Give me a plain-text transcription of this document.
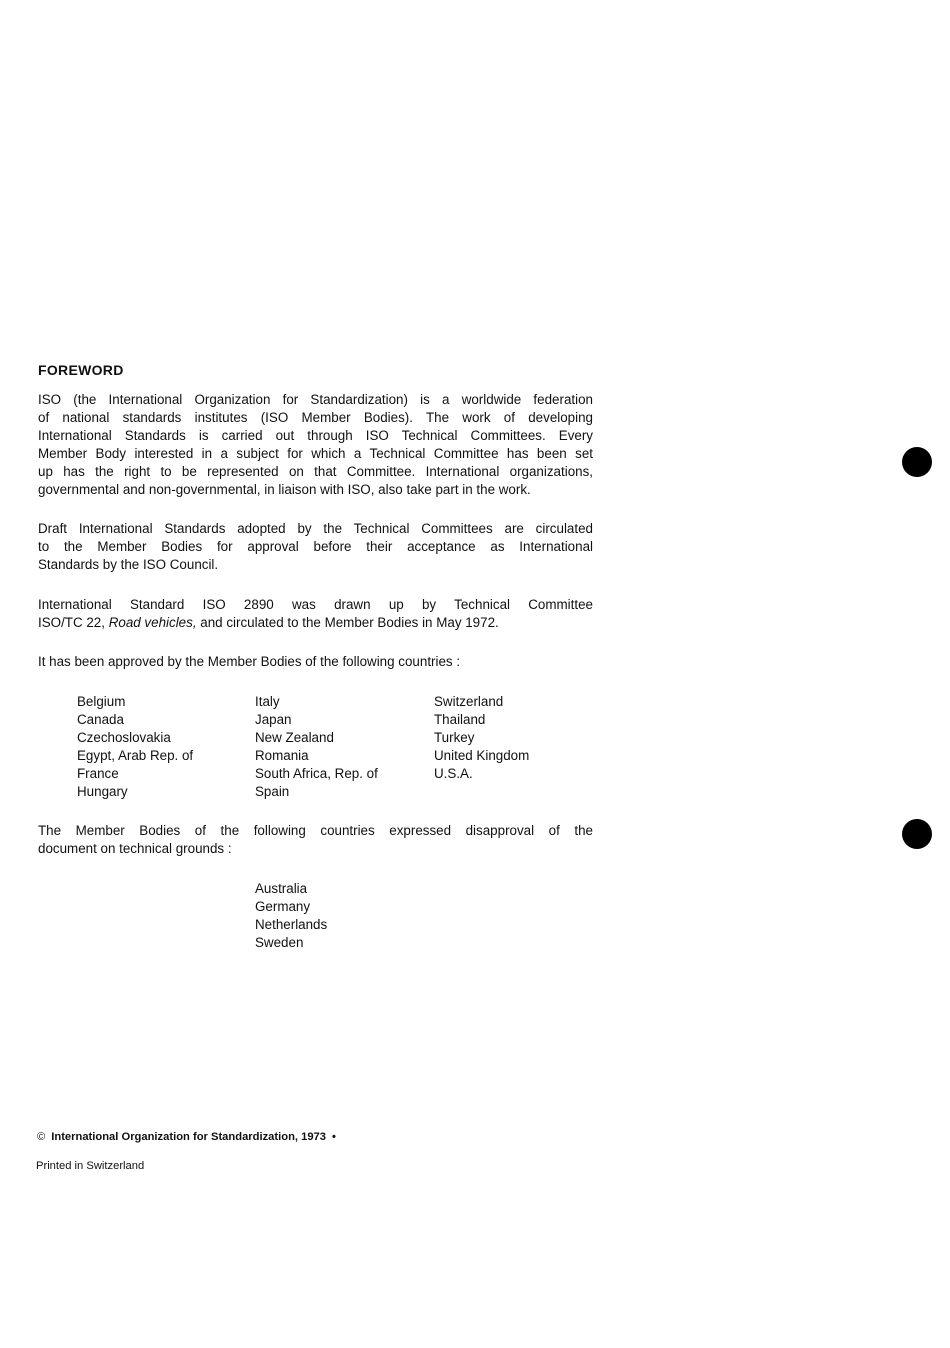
FOREWORD
ISO (the International Organization for Standardization) is a worldwide federation
of national standards institutes (ISO Member Bodies). The work of developing
International Standards is carried out through ISO Technical Committees. Every
Member Body interested in a subject for which a Technical Committee has been set
up has the right to be represented on that Committee. International organizations,
governmental and non-governmental, in liaison with ISO, also take part in the work.
Draft International Standards adopted by the Technical Committees are circulated
to the Member Bodies for approval before their acceptance as International
Standards by the ISO Council.
International Standard ISO 2890 was drawn up by Technical Committee
ISO/TC 22, Road vehicles, and circulated to the Member Bodies in May 1972.
It has been approved by the Member Bodies of the following countries :
Belgium
Canada
Czechoslovakia
Egypt, Arab Rep. of
France
Hungary
Italy
Japan
New Zealand
Romania
South Africa, Rep. of
Spain
Switzerland
Thailand
Turkey
United Kingdom
U.S.A.
The Member Bodies of the following countries expressed disapproval of the
document on technical grounds :
Australia
Germany
Netherlands
Sweden
© International Organization for Standardization, 1973 •
Printed in Switzerland
